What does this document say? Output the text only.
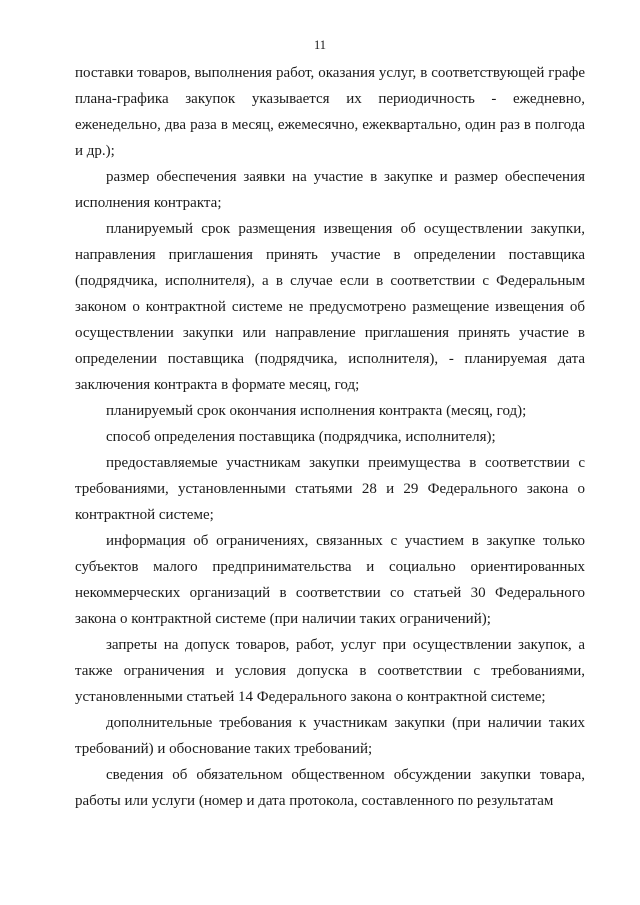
11

поставки товаров, выполнения работ, оказания услуг, в соответствующей графе плана-графика закупок указывается их периодичность - ежедневно, еженедельно, два раза в месяц, ежемесячно, ежеквартально, один раз в полгода и др.);

размер обеспечения заявки на участие в закупке и размер обеспечения исполнения контракта;

планируемый срок размещения извещения об осуществлении закупки, направления приглашения принять участие в определении поставщика (подрядчика, исполнителя), а в случае если в соответствии с Федеральным законом о контрактной системе не предусмотрено размещение извещения об осуществлении закупки или направление приглашения принять участие в определении поставщика (подрядчика, исполнителя), - планируемая дата заключения контракта в формате месяц, год;

планируемый срок окончания исполнения контракта (месяц, год);

способ определения поставщика (подрядчика, исполнителя);

предоставляемые участникам закупки преимущества в соответствии с требованиями, установленными статьями 28 и 29 Федерального закона о контрактной системе;

информация об ограничениях, связанных с участием в закупке только субъектов малого предпринимательства и социально ориентированных некоммерческих организаций в соответствии со статьей 30 Федерального закона о контрактной системе (при наличии таких ограничений);

запреты на допуск товаров, работ, услуг при осуществлении закупок, а также ограничения и условия допуска в соответствии с требованиями, установленными статьей 14 Федерального закона о контрактной системе;

дополнительные требования к участникам закупки (при наличии таких требований) и обоснование таких требований;

сведения об обязательном общественном обсуждении закупки товара, работы или услуги (номер и дата протокола, составленного по результатам
